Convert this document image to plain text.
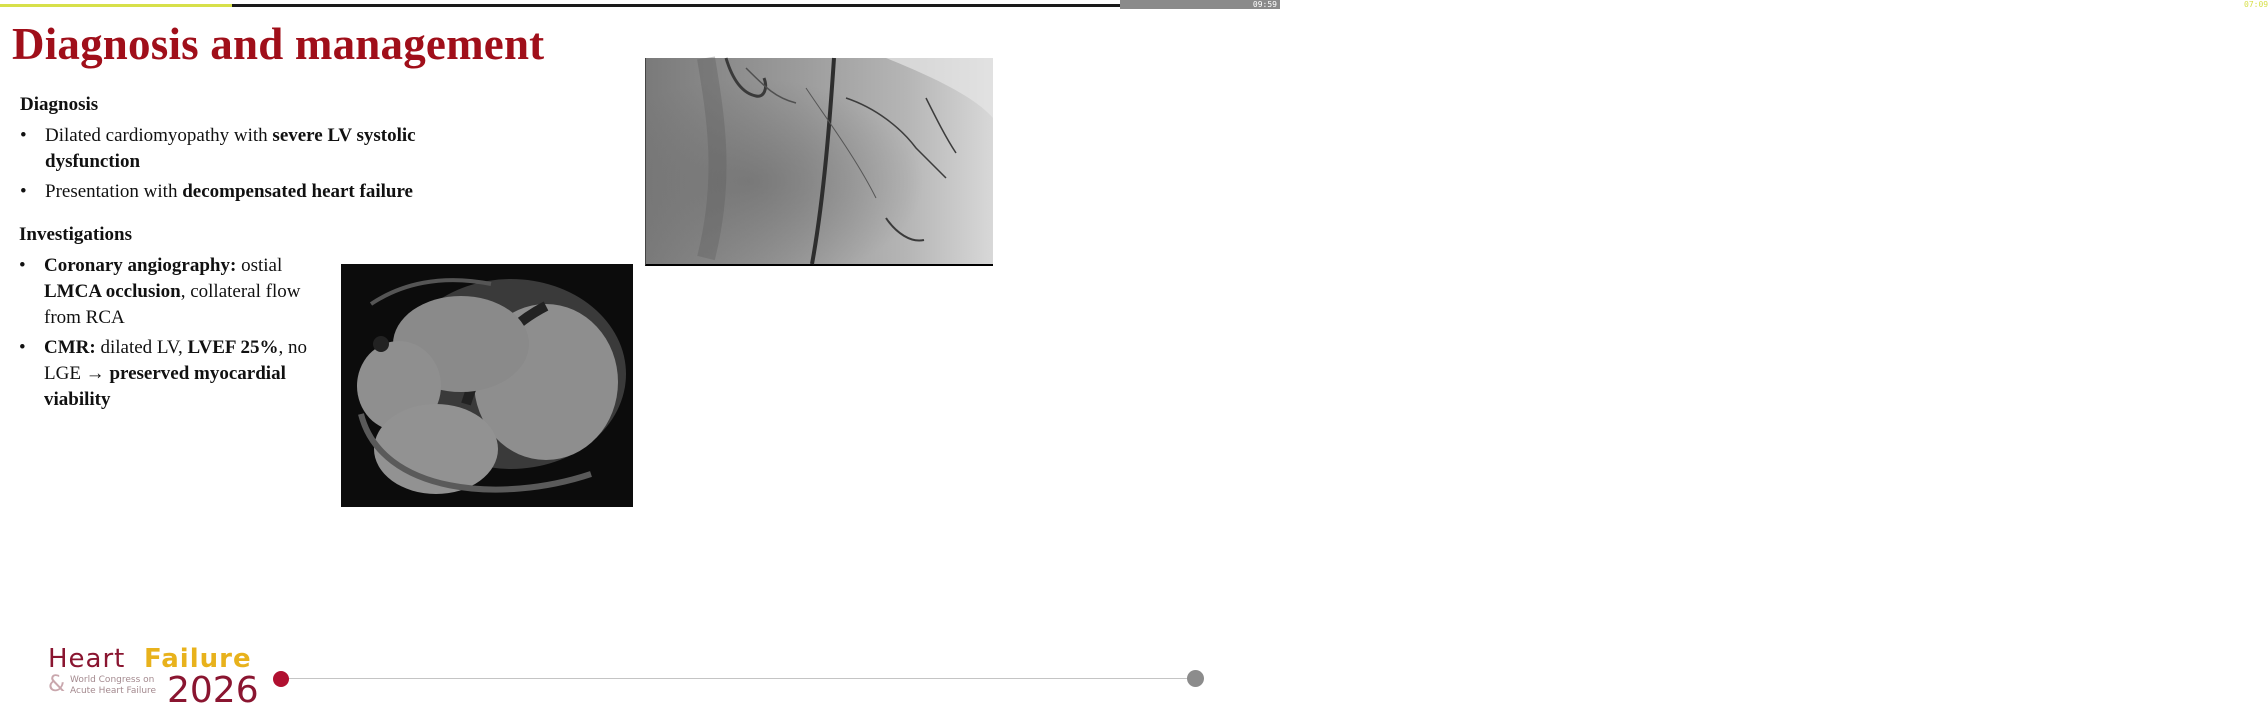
07:09
09:59
Diagnosis and management
Diagnosis
• Dilated cardiomyopathy with severe LV systolic dysfunction
• Presentation with decompensated heart failure
Investigations
• Coronary angiography: ostial LMCA occlusion, collateral flow from RCA
• CMR: dilated LV, LVEF 25%, no LGE → preserved myocardial viability
Heart Failure
& World Congress on
Acute Heart Failure 2026
